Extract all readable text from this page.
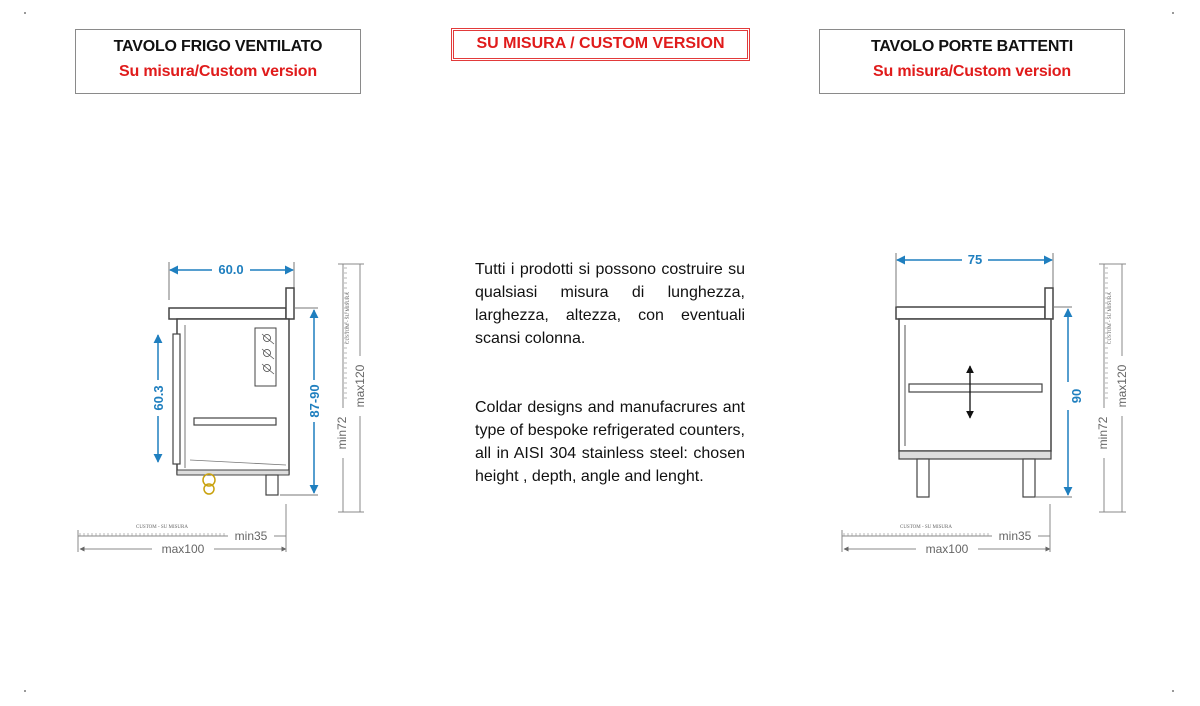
TAVOLO FRIGO VENTILATO
Su misura/Custom version
SU MISURA / CUSTOM VERSION	TAVOLO PORTE BATTENTI
Su misura/Custom version
Tutti i prodotti si possono costruire su qualsiasi misura di lunghezza, larghezza, altezza, con eventuali scansi colonna.
Coldar designs and manufacrures ant type of bespoke refrigerated counters, all in AISI 304 stainless steel: chosen height , depth, angle and lenght.
60.0
60.3	87-90
min72
max120
CUSTOM - SU MISURA
CUSTOM - SU MISURA
min35
max100
75
90
min72
max120
CUSTOM - SU MISURA
CUSTOM - SU MISURA
min35
max100
